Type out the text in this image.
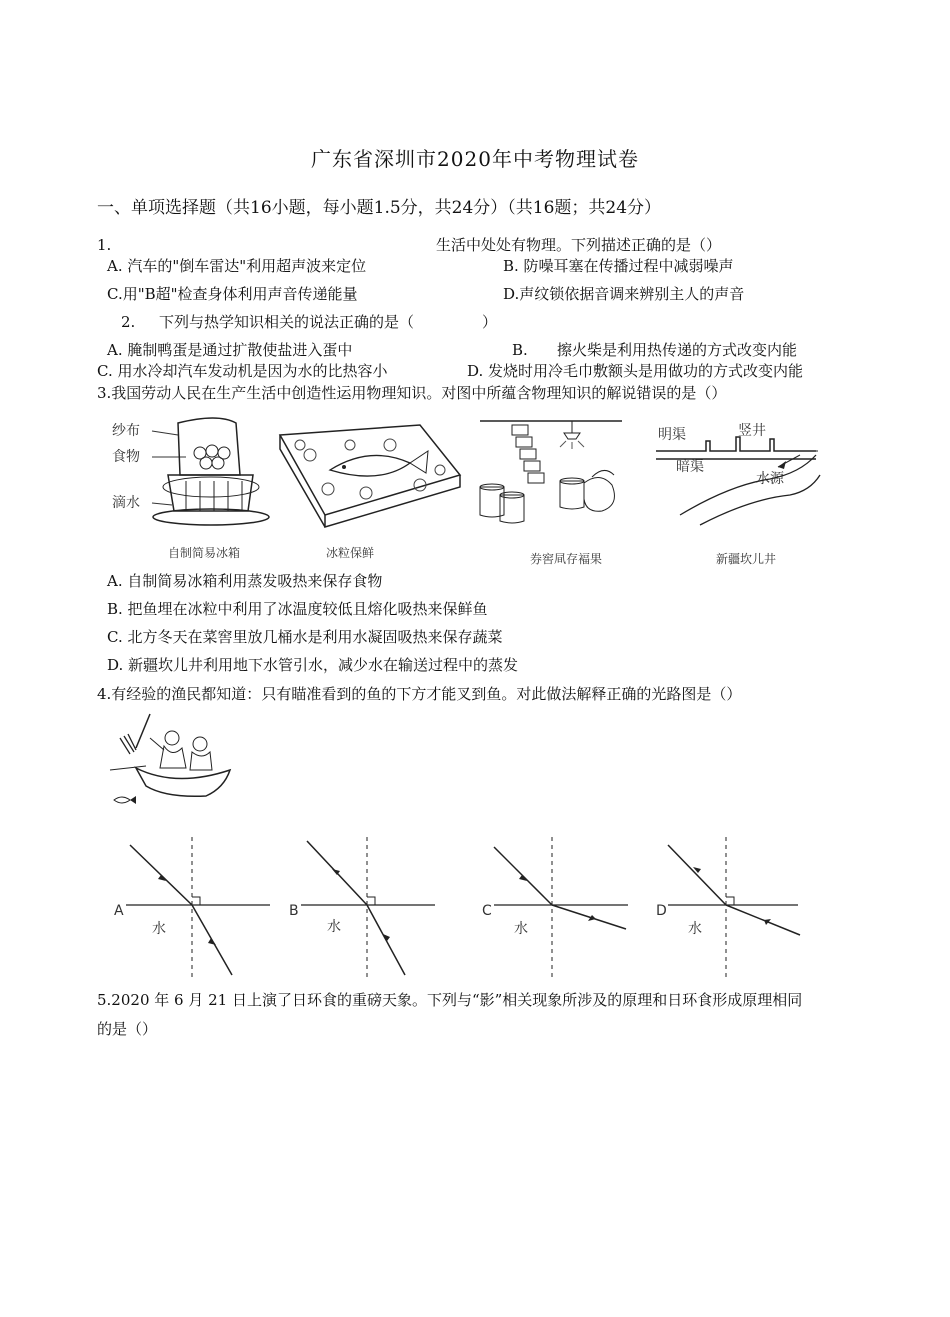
广东省深圳市2020年中考物理试卷
一、单项选择题（共16小题，每小题1.5分，共24分）（共16题；共24分）
1.	生活中处处有物理。下列描述正确的是（）
A. 汽车的"倒车雷达"利用超声波来定位	B. 防噪耳塞在传播过程中减弱噪声
C.用"B超"检查身体利用声音传递能量	D.声纹锁依据音调来辨别主人的声音
2. 下列与热学知识相关的说法正确的是（	）
A. 腌制鸭蛋是通过扩散使盐进入蛋中	B. 擦火柴是利用热传递的方式改变内能
C. 用水冷却汽车发动机是因为水的比热容小	D. 发烧时用冷毛巾敷额头是用做功的方式改变内能
3.我国劳动人民在生产生活中创造性运用物理知识。对图中所蕴含物理知识的解说错误的是（）
纱布
食物
滴水
自制简易冰箱	冰粒保鲜	券窖凬存褔果
明渠	竖井
暗渠
水源
新疆坎儿井
A. 自制简易冰箱利用蒸发吸热来保存食物
B. 把鱼埋在冰粒中利用了冰温度较低且熔化吸热来保鲜鱼
C. 北方冬天在菜窖里放几桶水是利用水凝固吸热来保存蔬菜
D. 新疆坎儿井利用地下水管引水，减少水在输送过程中的蒸发
4.有经验的渔民都知道：只有瞄准看到的鱼的下方才能叉到鱼。对此做法解释正确的光路图是（）
A
水
B
水
C
水
D
水
5.2020 年 6 月 21 日上演了日环食的重磅天象。下列与“影”相关现象所涉及的原理和日环食形成原理相同
的是（）
